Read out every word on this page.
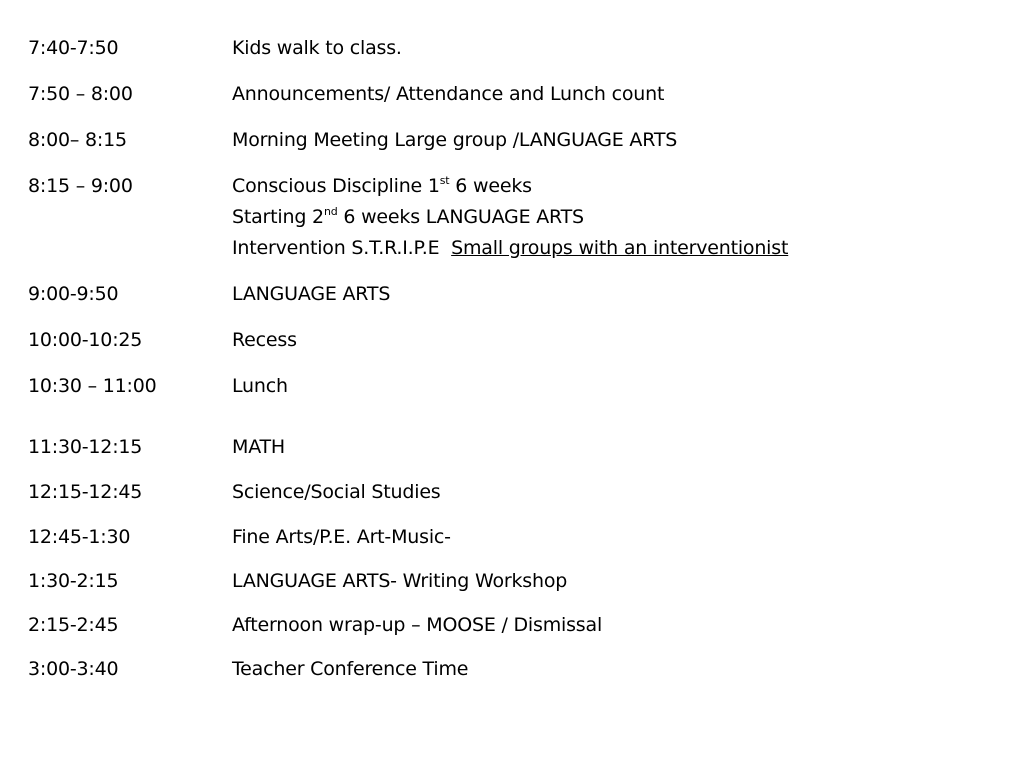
7:40-7:50	Kids walk to class.
7:50 – 8:00	Announcements/ Attendance and Lunch count
8:00– 8:15	Morning Meeting Large group /LANGUAGE ARTS
8:15 – 9:00	Conscious Discipline 1st 6 weeks
Starting 2nd 6 weeks LANGUAGE ARTS
Intervention S.T.R.I.P.E  Small groups with an interventionist
9:00-9:50	LANGUAGE ARTS
10:00-10:25	Recess
10:30 – 11:00	Lunch
11:30-12:15	MATH
12:15-12:45	Science/Social Studies
12:45-1:30	Fine Arts/P.E. Art-Music-
1:30-2:15	LANGUAGE ARTS- Writing Workshop
2:15-2:45	Afternoon wrap-up – MOOSE / Dismissal
3:00-3:40	Teacher Conference Time
